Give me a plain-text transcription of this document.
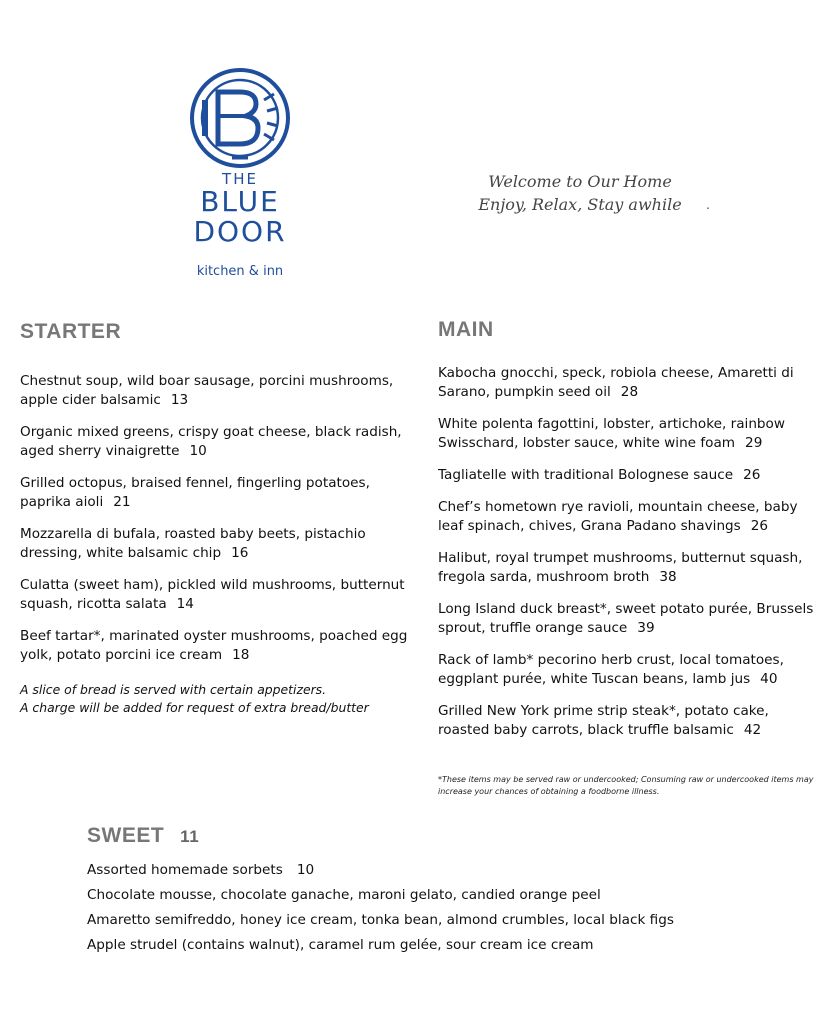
THE
BLUE
DOOR
kitchen & inn
Welcome to Our Home
Enjoy, Relax, Stay awhile	.
STARTER	MAIN
Chestnut soup, wild boar sausage, porcini mushrooms, apple cider balsamic 13
Organic mixed greens, crispy goat cheese, black radish, aged sherry vinaigrette 10
Grilled octopus, braised fennel, fingerling potatoes, paprika aioli 21
Mozzarella di bufala, roasted baby beets, pistachio dressing, white balsamic chip 16
Culatta (sweet ham), pickled wild mushrooms, butternut squash, ricotta salata 14
Beef tartar*, marinated oyster mushrooms, poached egg yolk, potato porcini ice cream 18
A slice of bread is served with certain appetizers.
A charge will be added for request of extra bread/butter
Kabocha gnocchi, speck, robiola cheese, Amaretti di Sarano, pumpkin seed oil 28
White polenta fagottini, lobster, artichoke, rainbow Swisschard, lobster sauce, white wine foam 29
Tagliatelle with traditional Bolognese sauce 26
Chef’s hometown rye ravioli, mountain cheese, baby leaf spinach, chives, Grana Padano shavings 26
Halibut, royal trumpet mushrooms, butternut squash, fregola sarda, mushroom broth 38
Long Island duck breast*, sweet potato purée, Brussels sprout, truffle orange sauce 39
Rack of lamb* pecorino herb crust, local tomatoes, eggplant purée, white Tuscan beans, lamb jus 40
Grilled New York prime strip steak*, potato cake, roasted baby carrots, black truffle balsamic 42
*These items may be served raw or undercooked; Consuming raw or undercooked items may increase your chances of obtaining a foodborne illness.
SWEET 11
Assorted homemade sorbets 10
Chocolate mousse, chocolate ganache, maroni gelato, candied orange peel
Amaretto semifreddo, honey ice cream, tonka bean, almond crumbles, local black figs
Apple strudel (contains walnut), caramel rum gelée, sour cream ice cream
